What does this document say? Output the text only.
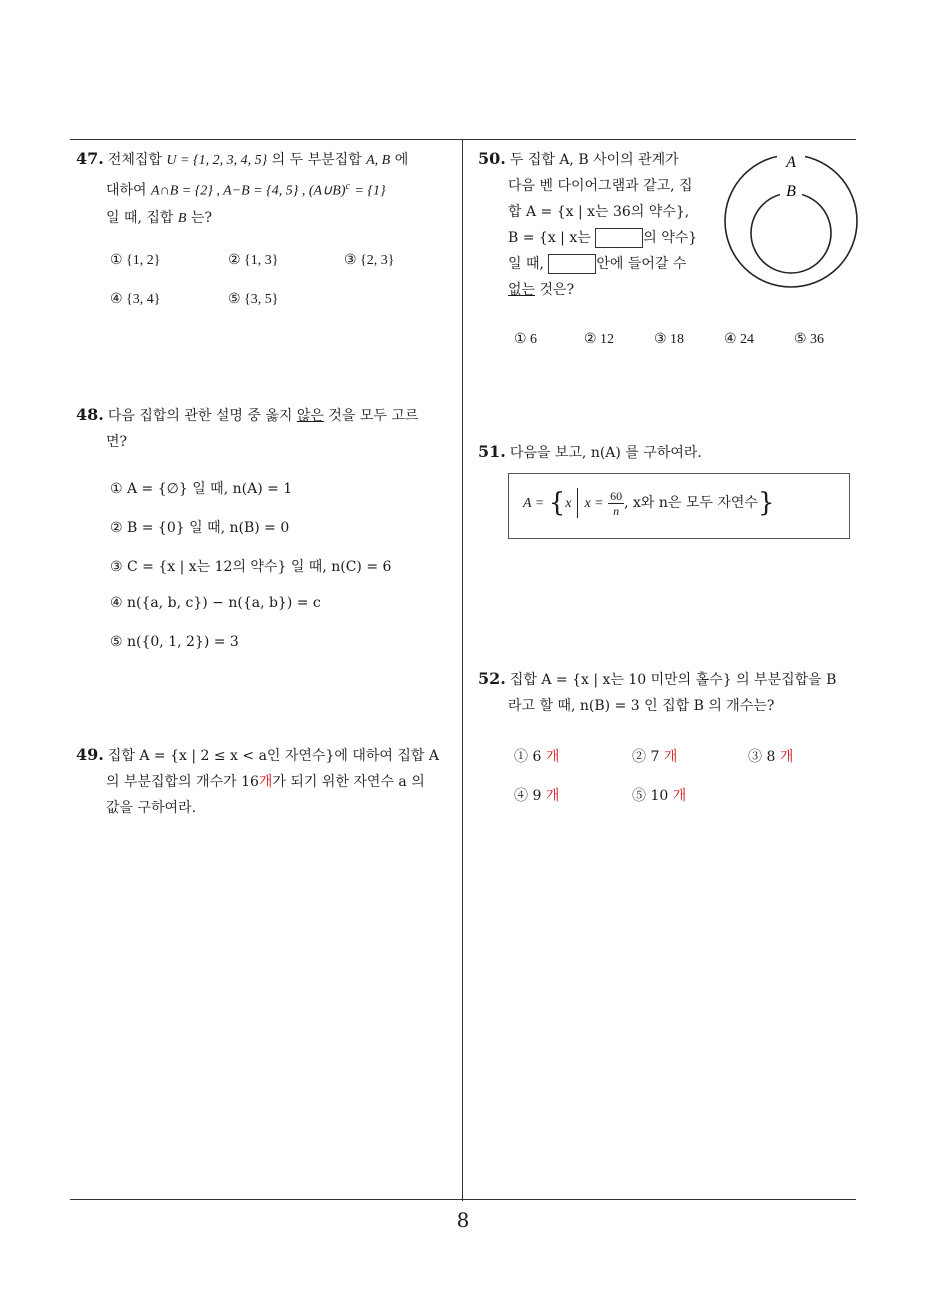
47. 전체집합 U = {1, 2, 3, 4, 5} 의 두 부분집합 A, B 에
대하여 A∩B = {2} , A−B = {4, 5} , (A∪B)$^c$ = {1}
일 때, 집합 B 는?
① {1, 2}	② {1, 3}	③ {2, 3}
④ {3, 4}	⑤ {3, 5}
48. 다음 집합의 관한 설명 중 옳지 않은 것을 모두 고르
면?
① A = {∅} 일 때, n(A) = 1
② B = {0} 일 때, n(B) = 0
③ C = {x | x는 12의 약수} 일 때, n(C) = 6
④ n({a, b, c}) − n({a, b}) = c
⑤ n({0, 1, 2}) = 3
49. 집합 A = {x | 2 ≤ x < a인 자연수}에 대하여 집합 A
의 부분집합의 개수가 16개가 되기 위한 자연수 a 의
값을 구하여라.
50. 두 집합 A, B 사이의 관계가
다음 벤 다이어그램과 같고, 집
합 A = {x | x는 36의 약수},
B = {x | x는	의 약수}
일 때,	안에 들어갈 수
없는 것은?
A
B
① 6	② 12	③ 18	④ 24	⑤ 36
51. 다음을 보고, n(A) 를 구하여라.
A = {x $x = \frac{60}{n}$ , x와 n은 모두 자연수}
52. 집합 A = {x | x는 10 미만의 홀수} 의 부분집합을 B
라고 할 때, n(B) = 3 인 집합 B 의 개수는?
① 6 개	② 7 개	③ 8 개
④ 9 개	⑤ 10 개
8
